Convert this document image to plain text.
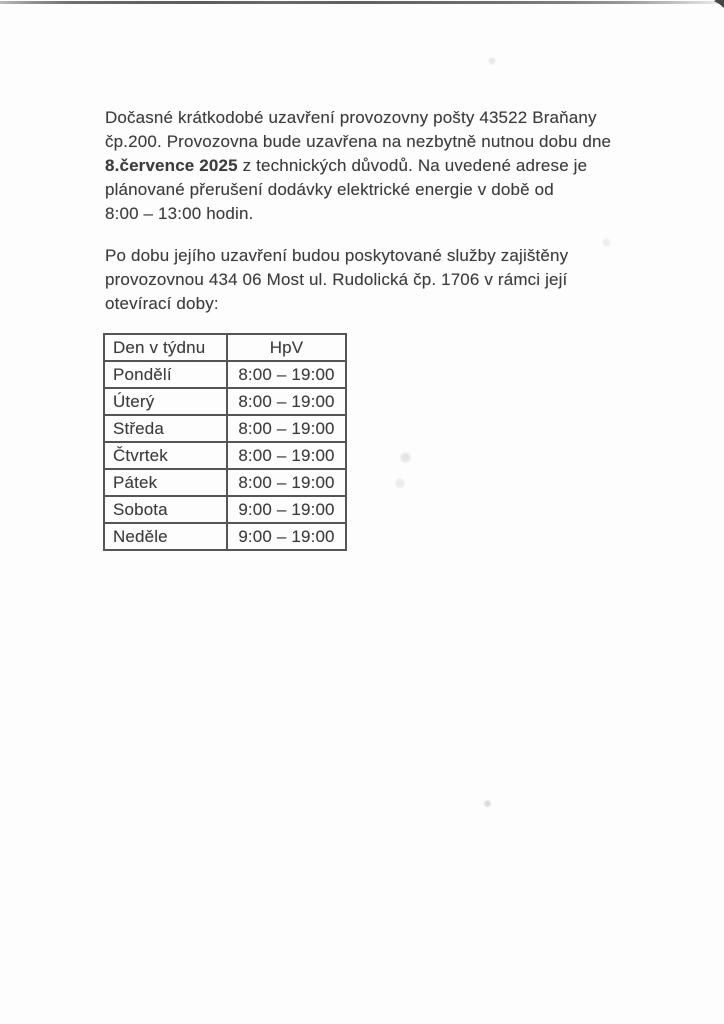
Dočasné krátkodobé uzavření provozovny pošty 43522 Braňany
čp.200. Provozovna bude uzavřena na nezbytně nutnou dobu dne
8.července 2025 z technických důvodů. Na uvedené adrese je
plánované přerušení dodávky elektrické energie v době od
8:00 – 13:00 hodin.
Po dobu jejího uzavření budou poskytované služby zajištěny
provozovnou 434 06 Most ul. Rudolická čp. 1706 v rámci její
otevírací doby:
Den v týdnu	HpV
Pondělí	8:00 – 19:00
Úterý	8:00 – 19:00
Středa	8:00 – 19:00
Čtvrtek	8:00 – 19:00
Pátek	8:00 – 19:00
Sobota	9:00 – 19:00
Neděle	9:00 – 19:00
